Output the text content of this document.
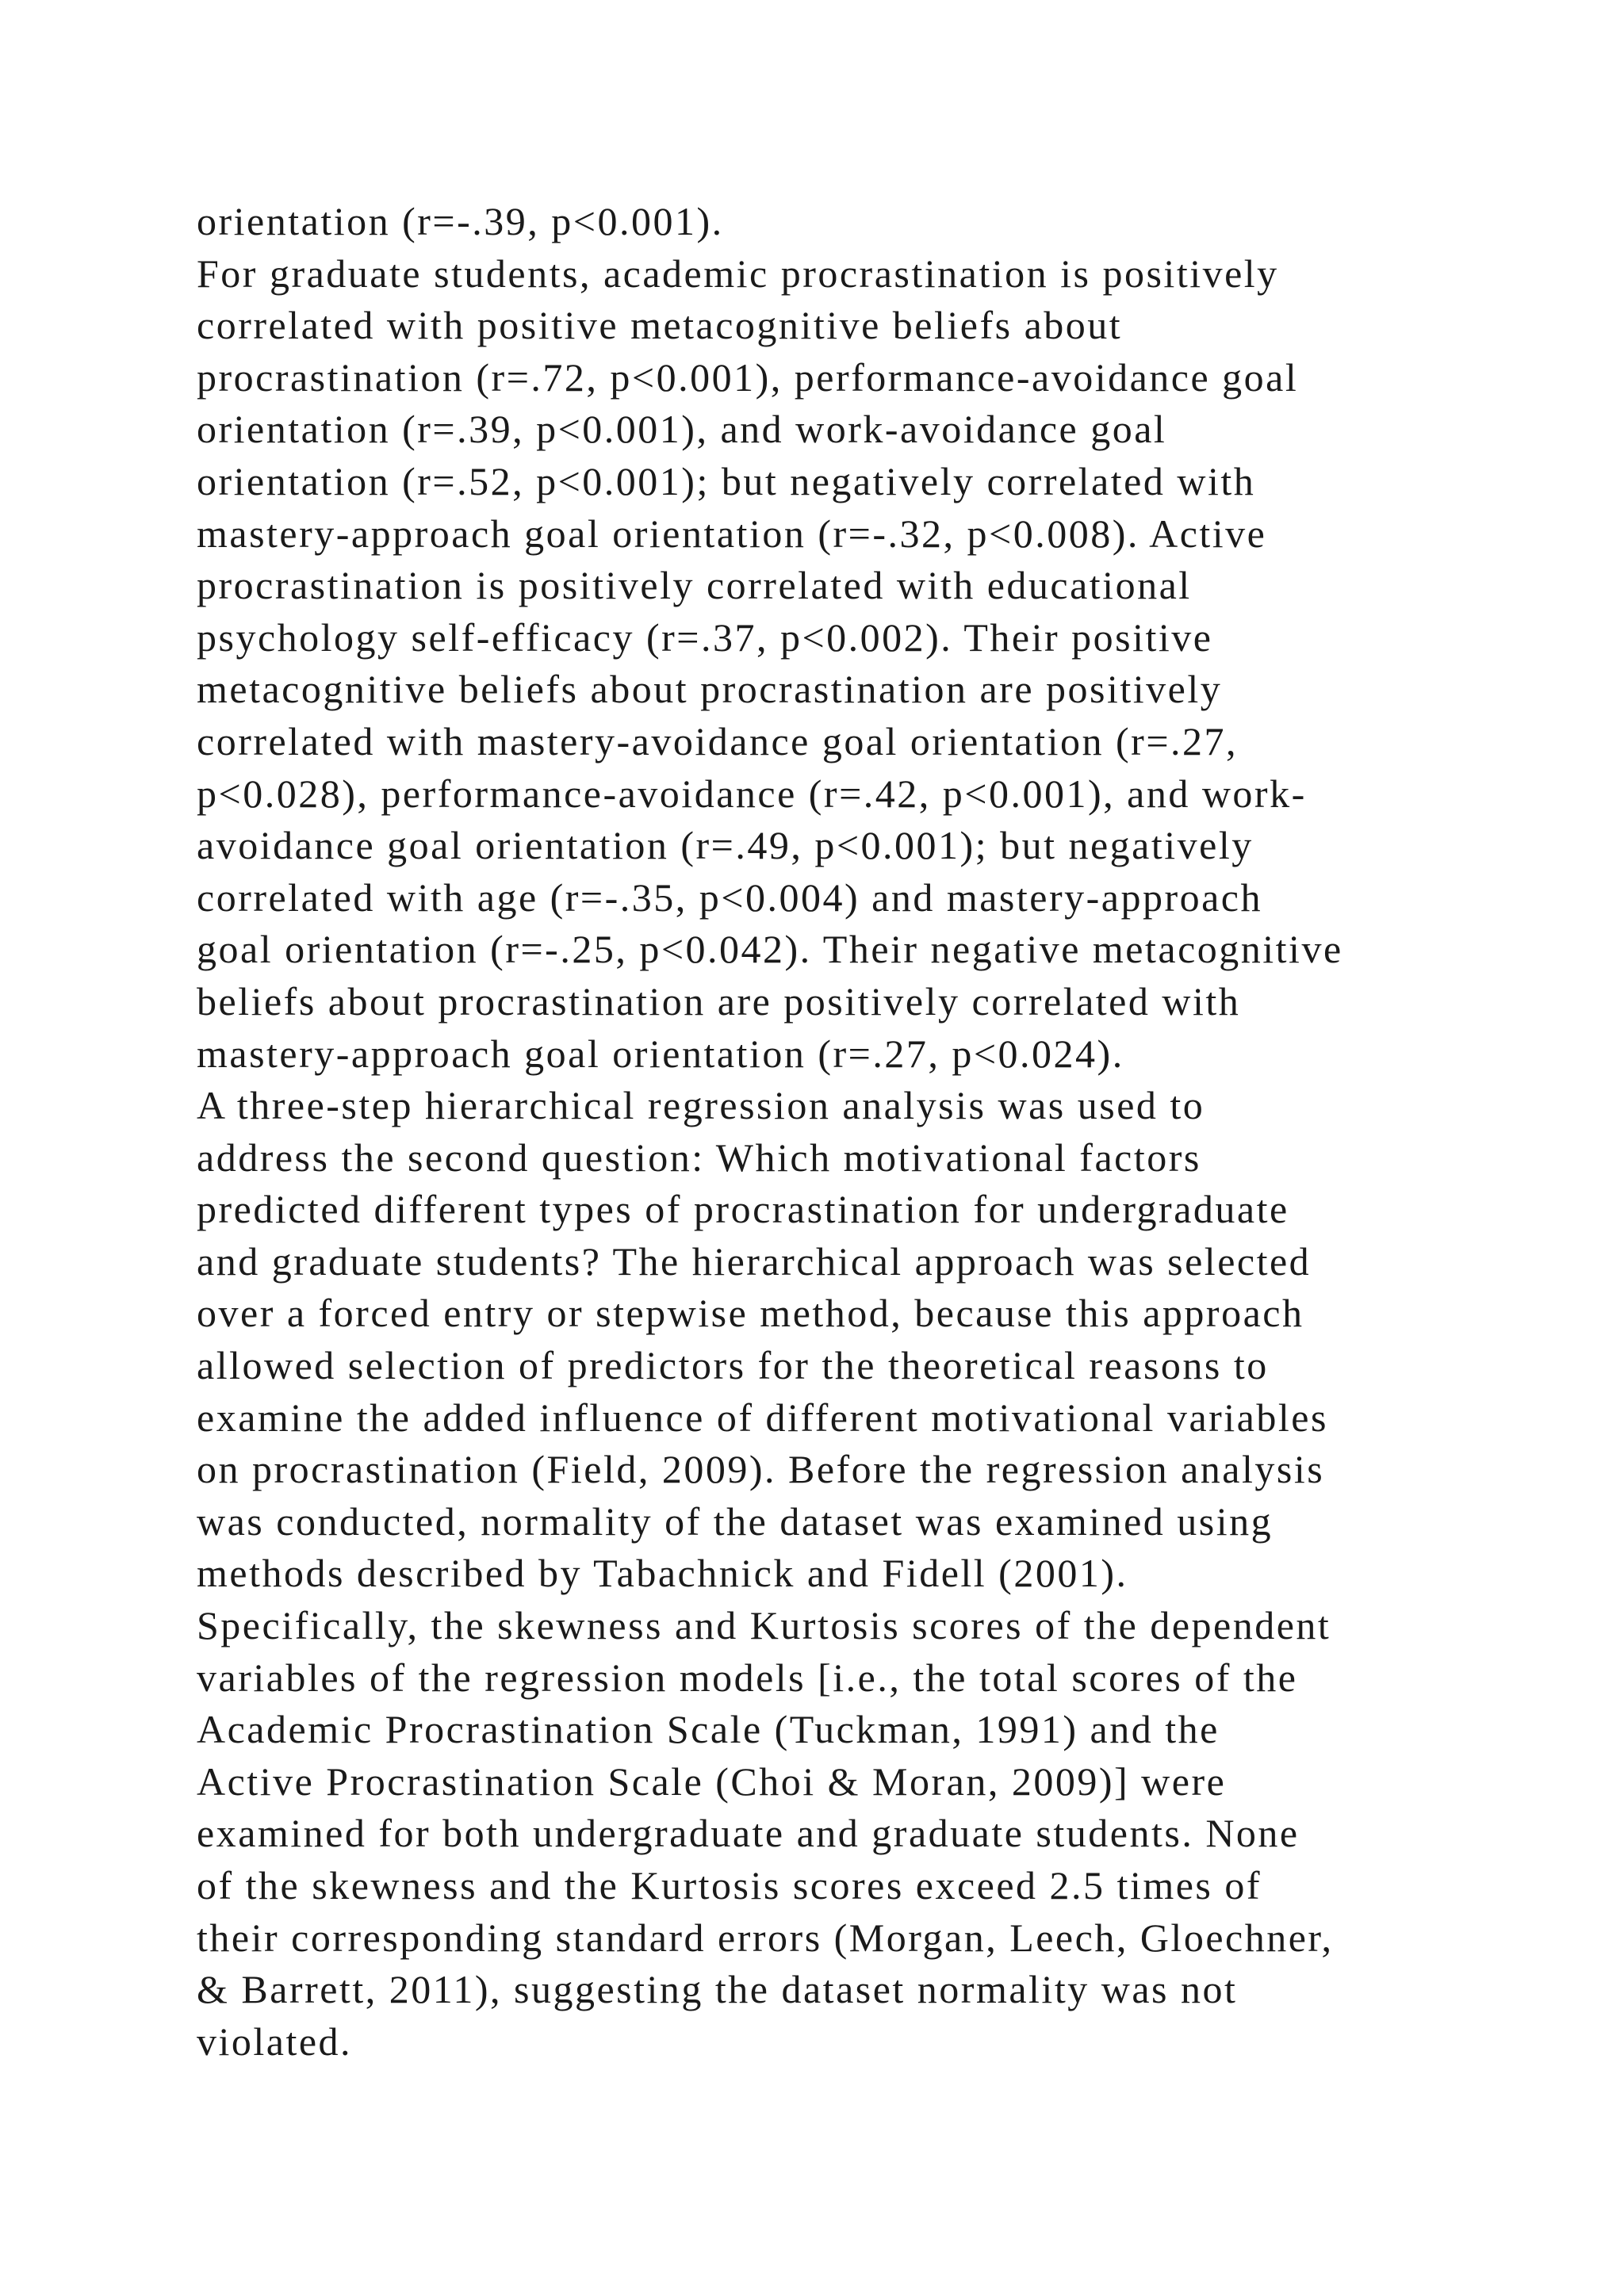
orientation (r=-.39, p<0.001).
For graduate students, academic procrastination is positively
correlated with positive metacognitive beliefs about
procrastination (r=.72, p<0.001), performance-avoidance goal
orientation (r=.39, p<0.001), and work-avoidance goal
orientation (r=.52, p<0.001); but negatively correlated with
mastery-approach goal orientation (r=-.32, p<0.008). Active
procrastination is positively correlated with educational
psychology self-efficacy (r=.37, p<0.002). Their positive
metacognitive beliefs about procrastination are positively
correlated with mastery-avoidance goal orientation (r=.27,
p<0.028), performance-avoidance (r=.42, p<0.001), and work-
avoidance goal orientation (r=.49, p<0.001); but negatively
correlated with age (r=-.35, p<0.004) and mastery-approach
goal orientation (r=-.25, p<0.042). Their negative metacognitive
beliefs about procrastination are positively correlated with
mastery-approach goal orientation (r=.27, p<0.024).
A three-step hierarchical regression analysis was used to
address the second question: Which motivational factors
predicted different types of procrastination for undergraduate
and graduate students? The hierarchical approach was selected
over a forced entry or stepwise method, because this approach
allowed selection of predictors for the theoretical reasons to
examine the added influence of different motivational variables
on procrastination (Field, 2009). Before the regression analysis
was conducted, normality of the dataset was examined using
methods described by Tabachnick and Fidell (2001).
Specifically, the skewness and Kurtosis scores of the dependent
variables of the regression models [i.e., the total scores of the
Academic Procrastination Scale (Tuckman, 1991) and the
Active Procrastination Scale (Choi & Moran, 2009)] were
examined for both undergraduate and graduate students. None
of the skewness and the Kurtosis scores exceed 2.5 times of
their corresponding standard errors (Morgan, Leech, Gloechner,
& Barrett, 2011), suggesting the dataset normality was not
violated.
